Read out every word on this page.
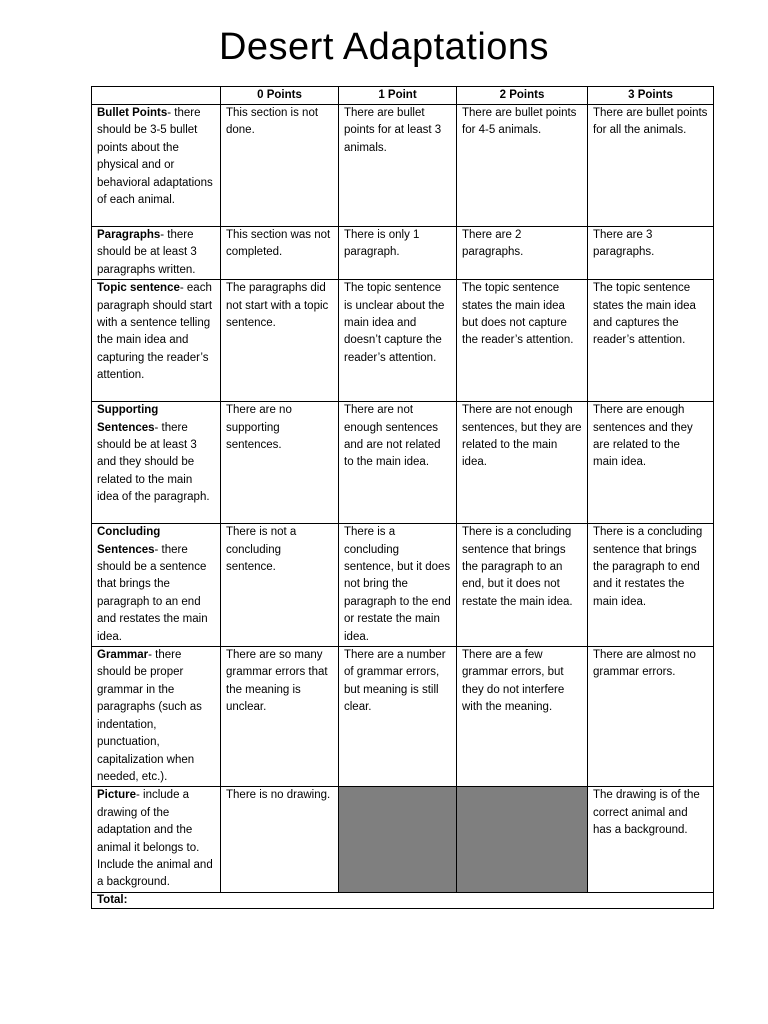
Desert Adaptations
	0 Points	1 Point	2 Points	3 Points
Bullet Points- there should be 3-5 bullet points about the physical and or behavioral adaptations of each animal.	This section is not done.	There are bullet points for at least 3 animals.	There are bullet points for 4-5 animals.	There are bullet points for all the animals.
Paragraphs- there should be at least 3 paragraphs written.	This section was not completed.	There is only 1 paragraph.	There are 2 paragraphs.	There are 3 paragraphs.
Topic sentence- each paragraph should start with a sentence telling the main idea and capturing the reader’s attention.	The paragraphs did not start with a topic sentence.	The topic sentence is unclear about the main idea and doesn’t capture the reader’s attention.	The topic sentence states the main idea but does not capture the reader’s attention.	The topic sentence states the main idea and captures the reader’s attention.
Supporting Sentences- there should be at least 3 and they should be related to the main idea of the paragraph.	There are no supporting sentences.	There are not enough sentences and are not related to the main idea.	There are not enough sentences, but they are related to the main idea.	There are enough sentences and they are related to the main idea.
Concluding Sentences- there should be a sentence that brings the paragraph to an end and restates the main idea.	There is not a concluding sentence.	There is a concluding sentence, but it does not bring the paragraph to the end or restate the main idea.	There is a concluding sentence that brings the paragraph to an end, but it does not restate the main idea.	There is a concluding sentence that brings the paragraph to end and it restates the main idea.
Grammar- there should be proper grammar in the paragraphs (such as indentation, punctuation, capitalization when needed, etc.).	There are so many grammar errors that the meaning is unclear.	There are a number of grammar errors, but meaning is still clear.	There are a few grammar errors, but they do not interfere with the meaning.	There are almost no grammar errors.
Picture- include a drawing of the adaptation and the animal it belongs to. Include the animal and a background.	There is no drawing.			The drawing is of the correct animal and has a background.
Total:				
